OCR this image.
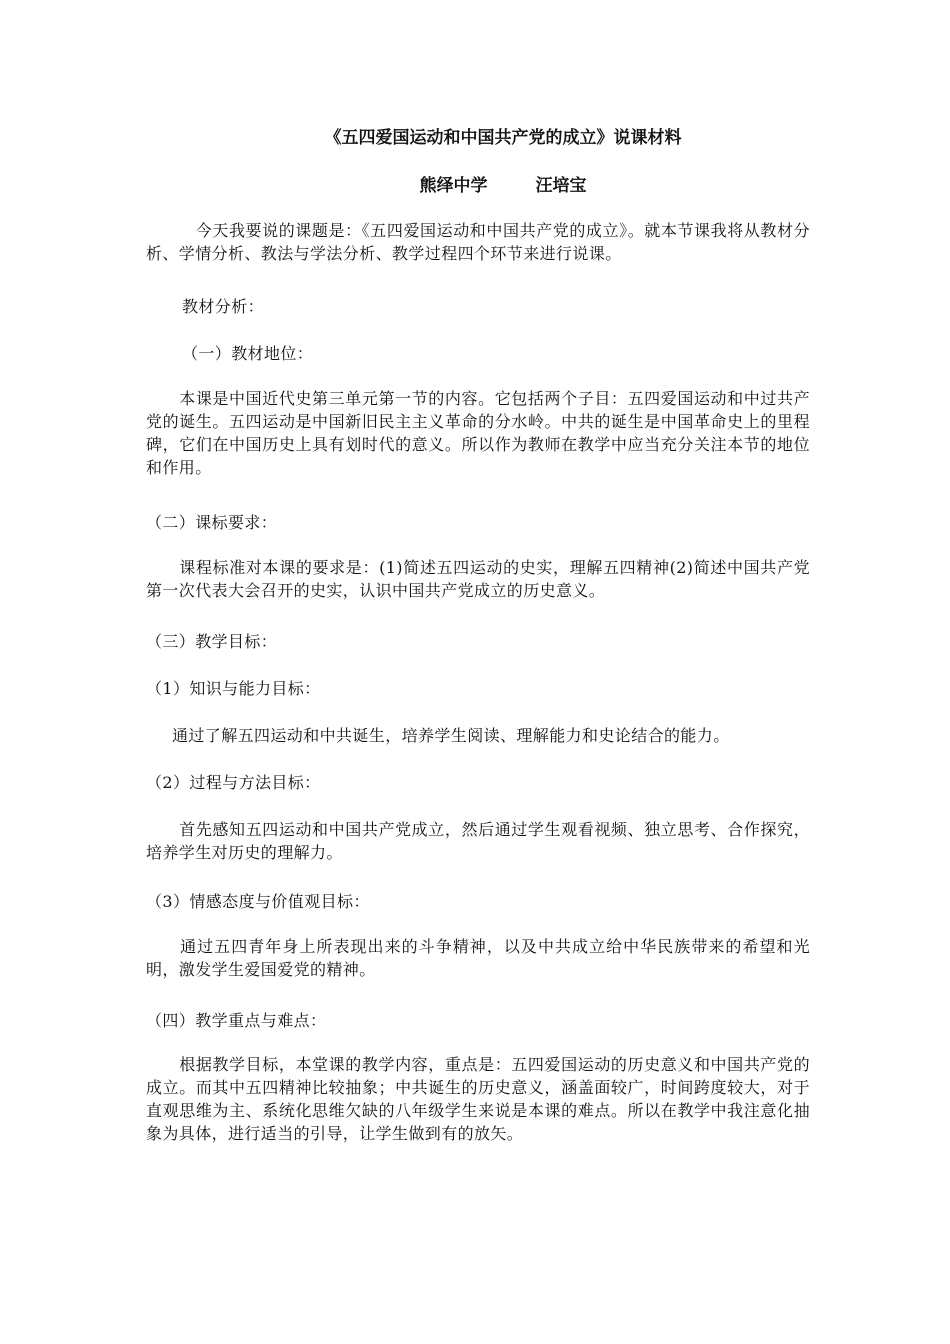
《五四爱国运动和中国共产党的成立》说课材料
熊绎中学	汪培宝

　　　今天我要说的课题是：《五四爱国运动和中国共产党的成立》。就本节课我将从教材分析、学情分析、教法与学法分析、教学过程四个环节来进行说课。

教材分析：

（一）教材地位：

　　本课是中国近代史第三单元第一节的内容。它包括两个子目：五四爱国运动和中过共产党的诞生。五四运动是中国新旧民主主义革命的分水岭。中共的诞生是中国革命史上的里程碑，它们在中国历史上具有划时代的意义。所以作为教师在教学中应当充分关注本节的地位和作用。

（二）课标要求：

　　课程标准对本课的要求是：(1)简述五四运动的史实，理解五四精神(2)简述中国共产党第一次代表大会召开的史实，认识中国共产党成立的历史意义。

（三）教学目标：

（1）知识与能力目标：

通过了解五四运动和中共诞生，培养学生阅读、理解能力和史论结合的能力。

（2）过程与方法目标：

　　首先感知五四运动和中国共产党成立，然后通过学生观看视频、独立思考、合作探究，培养学生对历史的理解力。

（3）情感态度与价值观目标：

　　通过五四青年身上所表现出来的斗争精神，以及中共成立给中华民族带来的希望和光明，激发学生爱国爱党的精神。

（四）教学重点与难点：

　　根据教学目标，本堂课的教学内容，重点是：五四爱国运动的历史意义和中国共产党的成立。而其中五四精神比较抽象；中共诞生的历史意义，涵盖面较广，时间跨度较大，对于直观思维为主、系统化思维欠缺的八年级学生来说是本课的难点。所以在教学中我注意化抽象为具体，进行适当的引导，让学生做到有的放矢。
